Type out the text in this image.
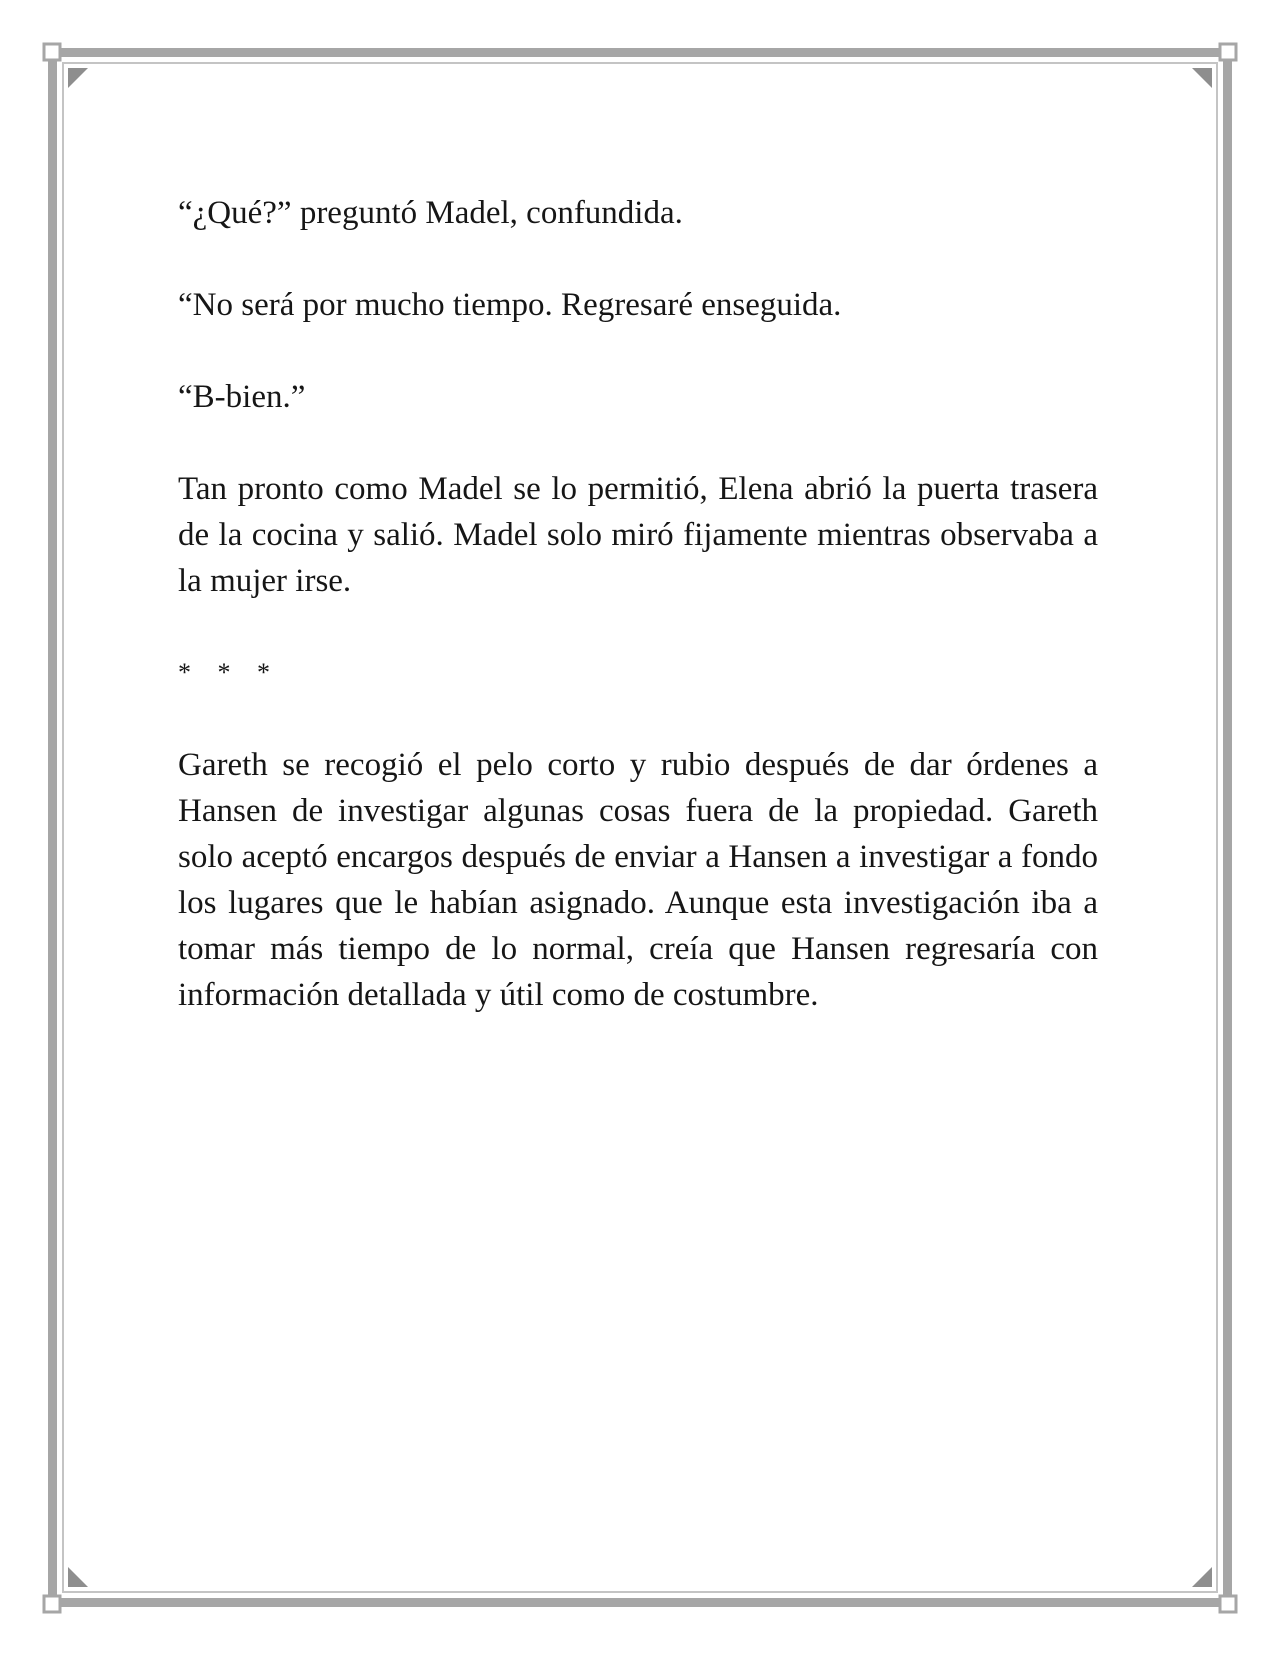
“¿Qué?” preguntó Madel, confundida.

“No será por mucho tiempo. Regresaré enseguida.

“B-bien.”

Tan pronto como Madel se lo permitió, Elena abrió la puerta trasera de la cocina y salió. Madel solo miró fijamente mientras observaba a la mujer irse.

* * *

Gareth se recogió el pelo corto y rubio después de dar órdenes a Hansen de investigar algunas cosas fuera de la propiedad. Gareth solo aceptó encargos después de enviar a Hansen a investigar a fondo los lugares que le habían asignado. Aunque esta investigación iba a tomar más tiempo de lo normal, creía que Hansen regresaría con información detallada y útil como de costumbre.
